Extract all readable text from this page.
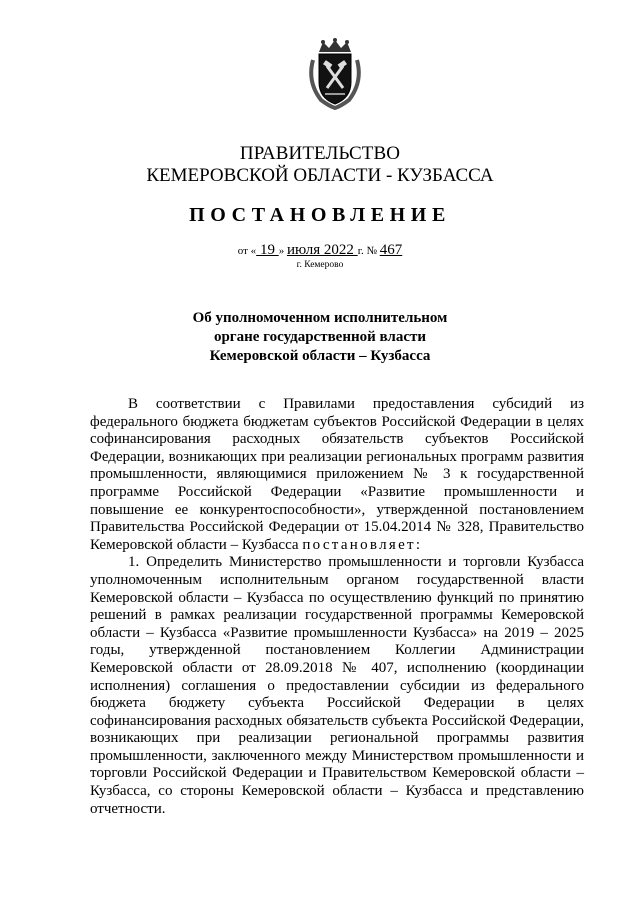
ПРАВИТЕЛЬСТВО
КЕМЕРОВСКОЙ ОБЛАСТИ - КУЗБАССА
ПОСТАНОВЛЕНИЕ
от « 19 » июля 2022 г. № 467
г. Кемерово
Об уполномоченном исполнительном
органе государственной власти
Кемеровской области – Кузбасса

В соответствии с Правилами предоставления субсидий из федерального бюджета бюджетам субъектов Российской Федерации в целях софинансирования расходных обязательств субъектов Российской Федерации, возникающих при реализации региональных программ развития промышленности, являющимися приложением № 3 к государственной программе Российской Федерации «Развитие промышленности и повышение ее конкурентоспособности», утвержденной постановлением Правительства Российской Федерации от 15.04.2014 № 328, Правительство Кемеровской области – Кузбасса постановляет:

1. Определить Министерство промышленности и торговли Кузбасса уполномоченным исполнительным органом государственной власти Кемеровской области – Кузбасса по осуществлению функций по принятию решений в рамках реализации государственной программы Кемеровской области – Кузбасса «Развитие промышленности Кузбасса» на 2019 – 2025 годы, утвержденной постановлением Коллегии Администрации Кемеровской области от 28.09.2018 № 407, исполнению (координации исполнения) соглашения о предоставлении субсидии из федерального бюджета бюджету субъекта Российской Федерации в целях софинансирования расходных обязательств субъекта Российской Федерации, возникающих при реализации региональной программы развития промышленности, заключенного между Министерством промышленности и торговли Российской Федерации и Правительством Кемеровской области – Кузбасса, со стороны Кемеровской области – Кузбасса и представлению отчетности.
